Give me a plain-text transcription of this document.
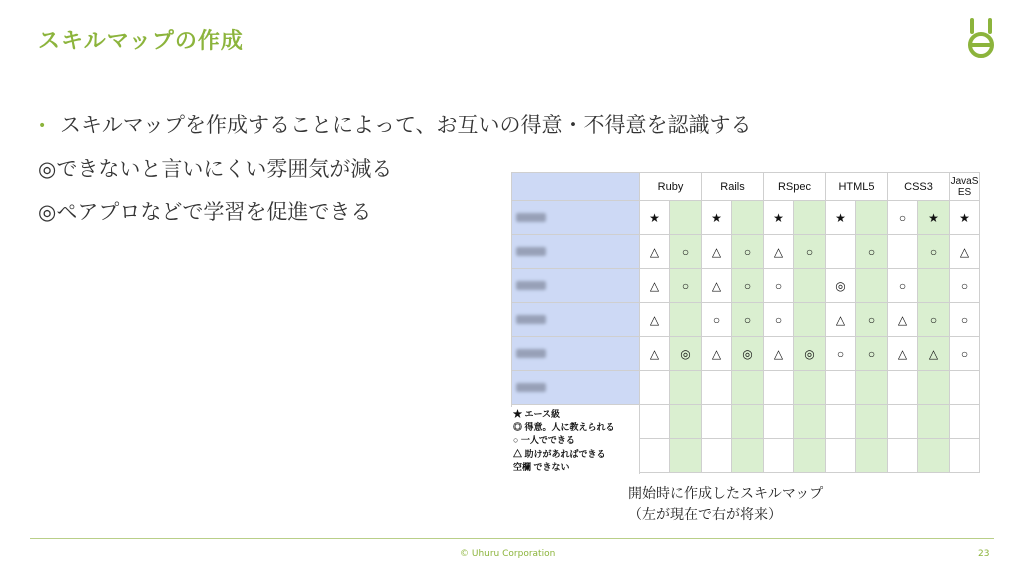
スキルマップの作成
• スキルマップを作成することによって、お互いの得意・不得意を認識する
◎できないと言いにくい雰囲気が減る
◎ペアプロなどで学習を促進できる
	Ruby		Rails		RSpec		HTML5		CSS3		JavaS ES
	★		★		★		★		○	★	★
	△	○	△	○	△	○		○		○	△
	△	○	△	○	○		◎		○		○
	△		○	○	○		△	○	△	○	○
	△	◎	△	◎	△	◎	○	○	△	△	○

★ エース級
◎ 得意。人に教えられる
○ 一人でできる
△ 助けがあればできる
空欄 できない
開始時に作成したスキルマップ
（左が現在で右が将来）
© Uhuru Corporation	23
